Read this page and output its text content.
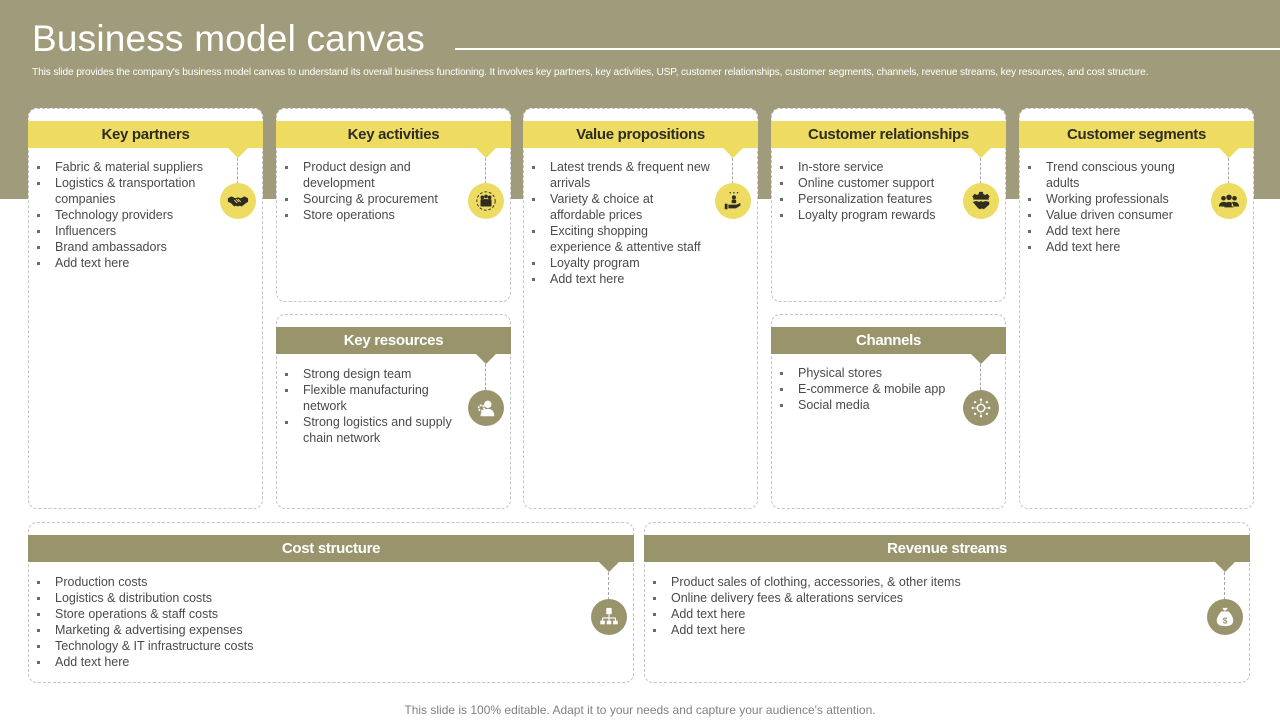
Business model canvas
This slide provides the company's business model canvas to understand its overall business functioning. It involves key partners, key activities, USP, customer relationships, customer segments, channels, revenue streams, key resources, and cost structure.
Key partners
Fabric & material suppliers
Logistics & transportation companies
Technology providers
Influencers
Brand ambassadors
Add text here
Key activities
Product design and development
Sourcing & procurement
Store operations
Value propositions
Latest trends & frequent new arrivals
Variety & choice at affordable prices
Exciting shopping experience & attentive staff
Loyalty program
Add text here
Customer relationships
In-store service
Online customer support
Personalization features
Loyalty program rewards
Customer segments
Trend conscious young adults
Working professionals
Value driven consumer
Add text here
Add text here
Key resources
Strong design team
Flexible manufacturing network
Strong logistics and supply chain network
Channels
Physical stores
E-commerce & mobile app
Social media
Cost structure
Production costs
Logistics & distribution costs
Store operations & staff costs
Marketing & advertising expenses
Technology & IT infrastructure costs
Add text here
Revenue streams
$
Product sales of clothing, accessories, & other items
Online delivery fees & alterations services
Add text here
Add text here
This slide is 100% editable. Adapt it to your needs and capture your audience's attention.
